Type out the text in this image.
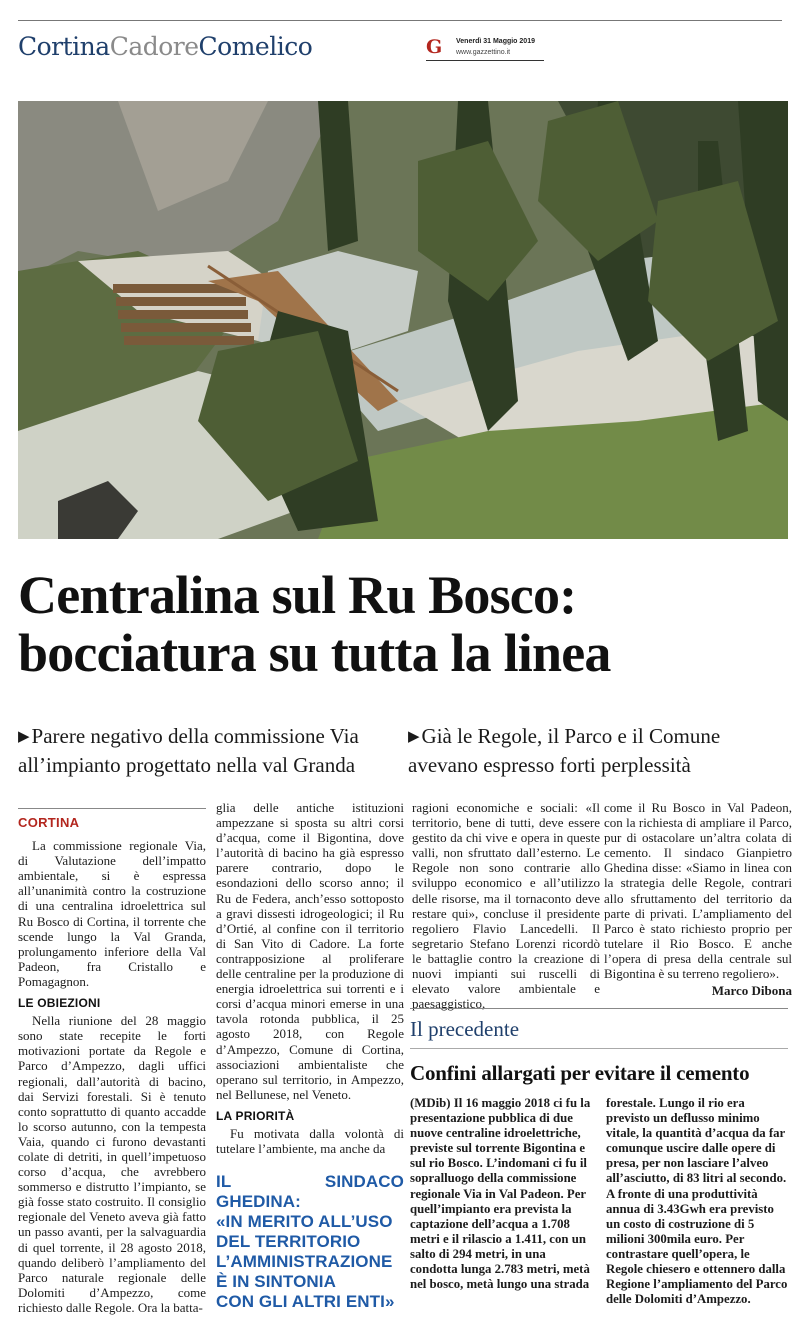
CortinaCadoreComelico	G Venerdì 31 Maggio 2019
www.gazzettino.it
Centralina sul Ru Bosco:
bocciatura su tutta la linea
▶Parere negativo della commissione Via all’impianto progettato nella val Granda
▶Già le Regole, il Parco e il Comune avevano espresso forti perplessità
CORTINA

La commissione regionale Via, di Valutazione dell’impatto ambientale, si è espressa all’unanimità contro la costruzione di una centralina idroelettrica sul Ru Bosco di Cortina, il torrente che scende lungo la Val Granda, prolungamento inferiore della Val Padeon, fra Cristallo e Pomagagnon.

LE OBIEZIONI

Nella riunione del 28 maggio sono state recepite le forti motivazioni portate da Regole e Parco d’Ampezzo, dagli uffici regionali, dall’autorità di bacino, dai Servizi forestali. Si è tenuto conto soprattutto di quanto accadde lo scorso autunno, con la tempesta Vaia, quando ci furono devastanti colate di detriti, in quell’impetuoso corso d’acqua, che avrebbero sommerso e distrutto l’impianto, se già fosse stato costruito. Il consiglio regionale del Veneto aveva già fatto un passo avanti, per la salvaguardia di quel torrente, il 28 agosto 2018, quando deliberò l’ampliamento del Parco naturale regionale delle Dolomiti d’Ampezzo, come richiesto dalle Regole. Ora la batta-

glia delle antiche istituzioni ampezzane si sposta su altri corsi d’acqua, come il Bigontina, dove l’autorità di bacino ha già espresso parere contrario, dopo le esondazioni dello scorso anno; il Ru de Federa, anch’esso sottoposto a gravi dissesti idrogeologici; il Ru d’Ortié, al confine con il territorio di San Vito di Cadore. La forte contrapposizione al proliferare delle centraline per la produzione di energia idroelettrica sui torrenti e i corsi d’acqua minori emerse in una tavola rotonda pubblica, il 25 agosto 2018, con Regole d’Ampezzo, Comune di Cortina, associazioni ambientaliste che operano sul territorio, in Ampezzo, nel Bellunese, nel Veneto.

LA PRIORITÀ

Fu motivata dalla volontà di tutelare l’ambiente, ma anche da

IL SINDACO GHEDINA:
«IN MERITO ALL’USO
DEL TERRITORIO
L’AMMINISTRAZIONE
È IN SINTONIA
CON GLI ALTRI ENTI»

ragioni economiche e sociali: «Il territorio, bene di tutti, deve essere gestito da chi vive e opera in queste valli, non sfruttato dall’esterno. Le Regole non sono contrarie allo sviluppo economico e all’utilizzo delle risorse, ma il tornaconto deve restare qui», concluse il presidente regoliero Flavio Lancedelli. Il segretario Stefano Lorenzi ricordò le battaglie contro la creazione di nuovi impianti sui ruscelli di elevato valore ambientale e paesaggistico,

come il Ru Bosco in Val Padeon, con la richiesta di ampliare il Parco, pur di ostacolare un’altra colata di cemento. Il sindaco Gianpietro Ghedina disse: «Siamo in linea con la strategia delle Regole, contrari allo sfruttamento del territorio da parte di privati. L’ampliamento del Parco è stato richiesto proprio per tutelare il Rio Bosco. E anche l’opera di presa della centrale sul Bigontina è su terreno regoliero».

Marco Dibona
Il precedente
Confini allargati per evitare il cemento
(MDib) Il 16 maggio 2018 ci fu la presentazione pubblica di due nuove centraline idroelettriche, previste sul torrente Bigontina e sul rio Bosco. L’indomani ci fu il sopralluogo della commissione regionale Via in Val Padeon. Per quell’impianto era prevista la captazione dell’acqua a 1.708 metri e il rilascio a 1.411, con un salto di 294 metri, in una condotta lunga 2.783 metri, metà nel bosco, metà lungo una strada
forestale. Lungo il rio era previsto un deflusso minimo vitale, la quantità d’acqua da far comunque uscire dalle opere di presa, per non lasciare l’alveo all’asciutto, di 83 litri al secondo. A fronte di una produttività annua di 3.43Gwh era previsto un costo di costruzione di 5 milioni 300mila euro. Per contrastare quell’opera, le Regole chiesero e ottennero dalla Regione l’ampliamento del Parco delle Dolomiti d’Ampezzo.
